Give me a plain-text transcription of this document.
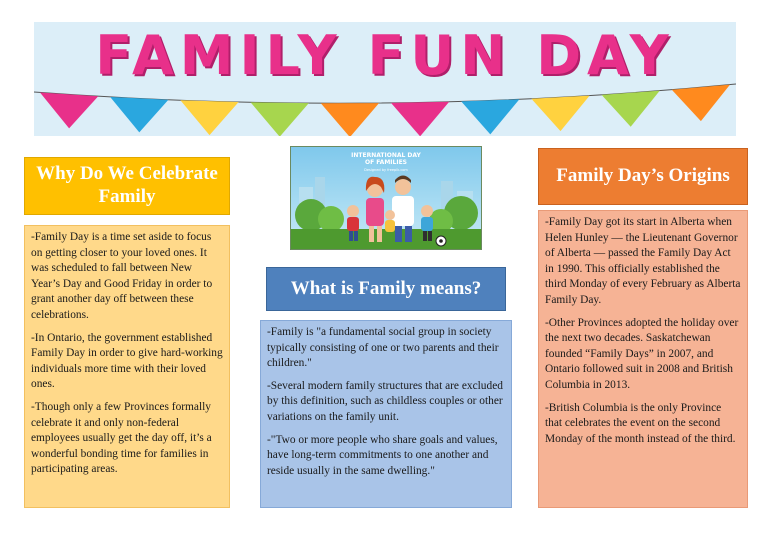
FAMILY FUN DAY
INTERNATIONAL DAY
OF FAMILIES
Designed by freepik.com
Why Do We Celebrate Family

-Family Day is a time set aside to focus on getting closer to your loved ones. It was scheduled to fall between New Year’s Day and Good Friday in order to grant another day off between these celebrations.

-In Ontario, the government established Family Day in order to give hard-working individuals more time with their loved ones.

-Though only a few Provinces formally celebrate it and only non-federal employees usually get the day off, it’s a wonderful bonding time for families in participating areas.

What is Family means?

-Family is "a fundamental social group in society typically consisting of one or two parents and their children."

-Several modern family structures that are excluded by this definition, such as childless couples or other variations on the family unit.

-"Two or more people who share goals and values, have long-term commitments to one another and reside usually in the same dwelling."

Family Day’s Origins

-Family Day got its start in Alberta when Helen Hunley — the Lieutenant Governor of Alberta — passed the Family Day Act in 1990. This officially established the third Monday of every February as Alberta Family Day.

-Other Provinces adopted the holiday over the next two decades. Saskatchewan founded “Family Days” in 2007, and Ontario followed suit in 2008 and British Columbia in 2013.

-British Columbia is the only Province that celebrates the event on the second Monday of the month instead of the third.
